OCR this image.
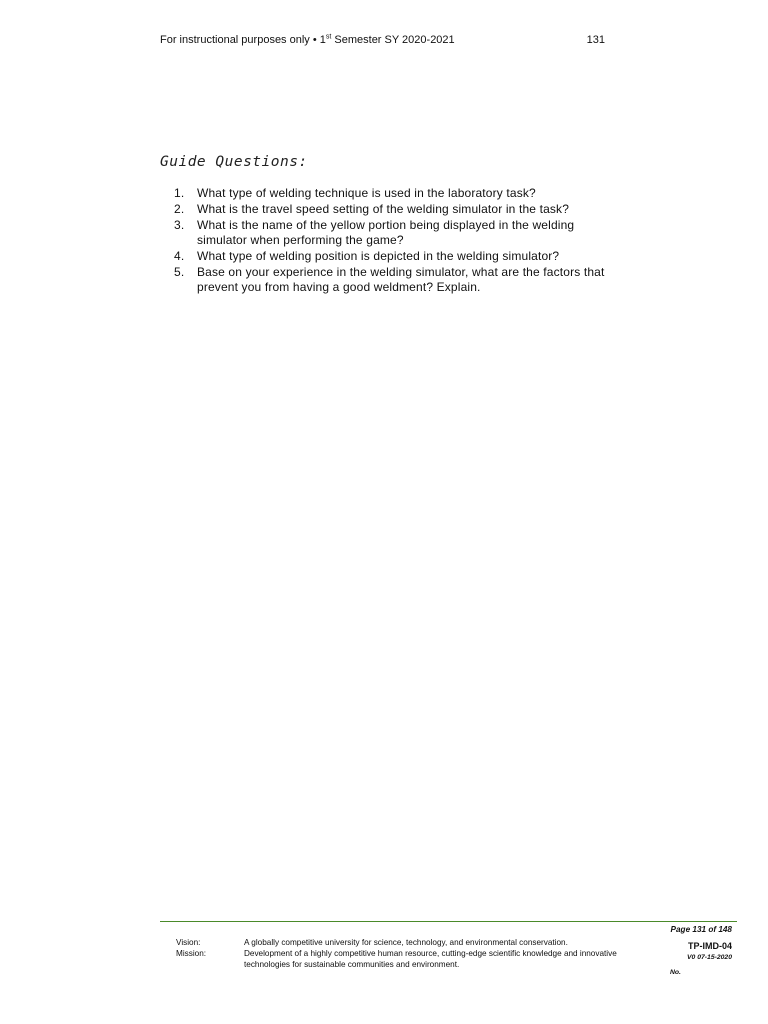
For instructional purposes only • 1st Semester SY 2020-2021	131
Guide Questions:
1. What type of welding technique is used in the laboratory task?
2. What is the travel speed setting of the welding simulator in the task?
3. What is the name of the yellow portion being displayed in the welding simulator when performing the game?
4. What type of welding position is depicted in the welding simulator?
5. Base on your experience in the welding simulator, what are the factors that prevent you from having a good weldment? Explain.
Vision:	A globally competitive university for science, technology, and environmental conservation.
Mission:	Development of a highly competitive human resource, cutting-edge scientific knowledge and innovative technologies for sustainable communities and environment.
Page 131 of 148
TP-IMD-04
V0 07-15-2020
No.
